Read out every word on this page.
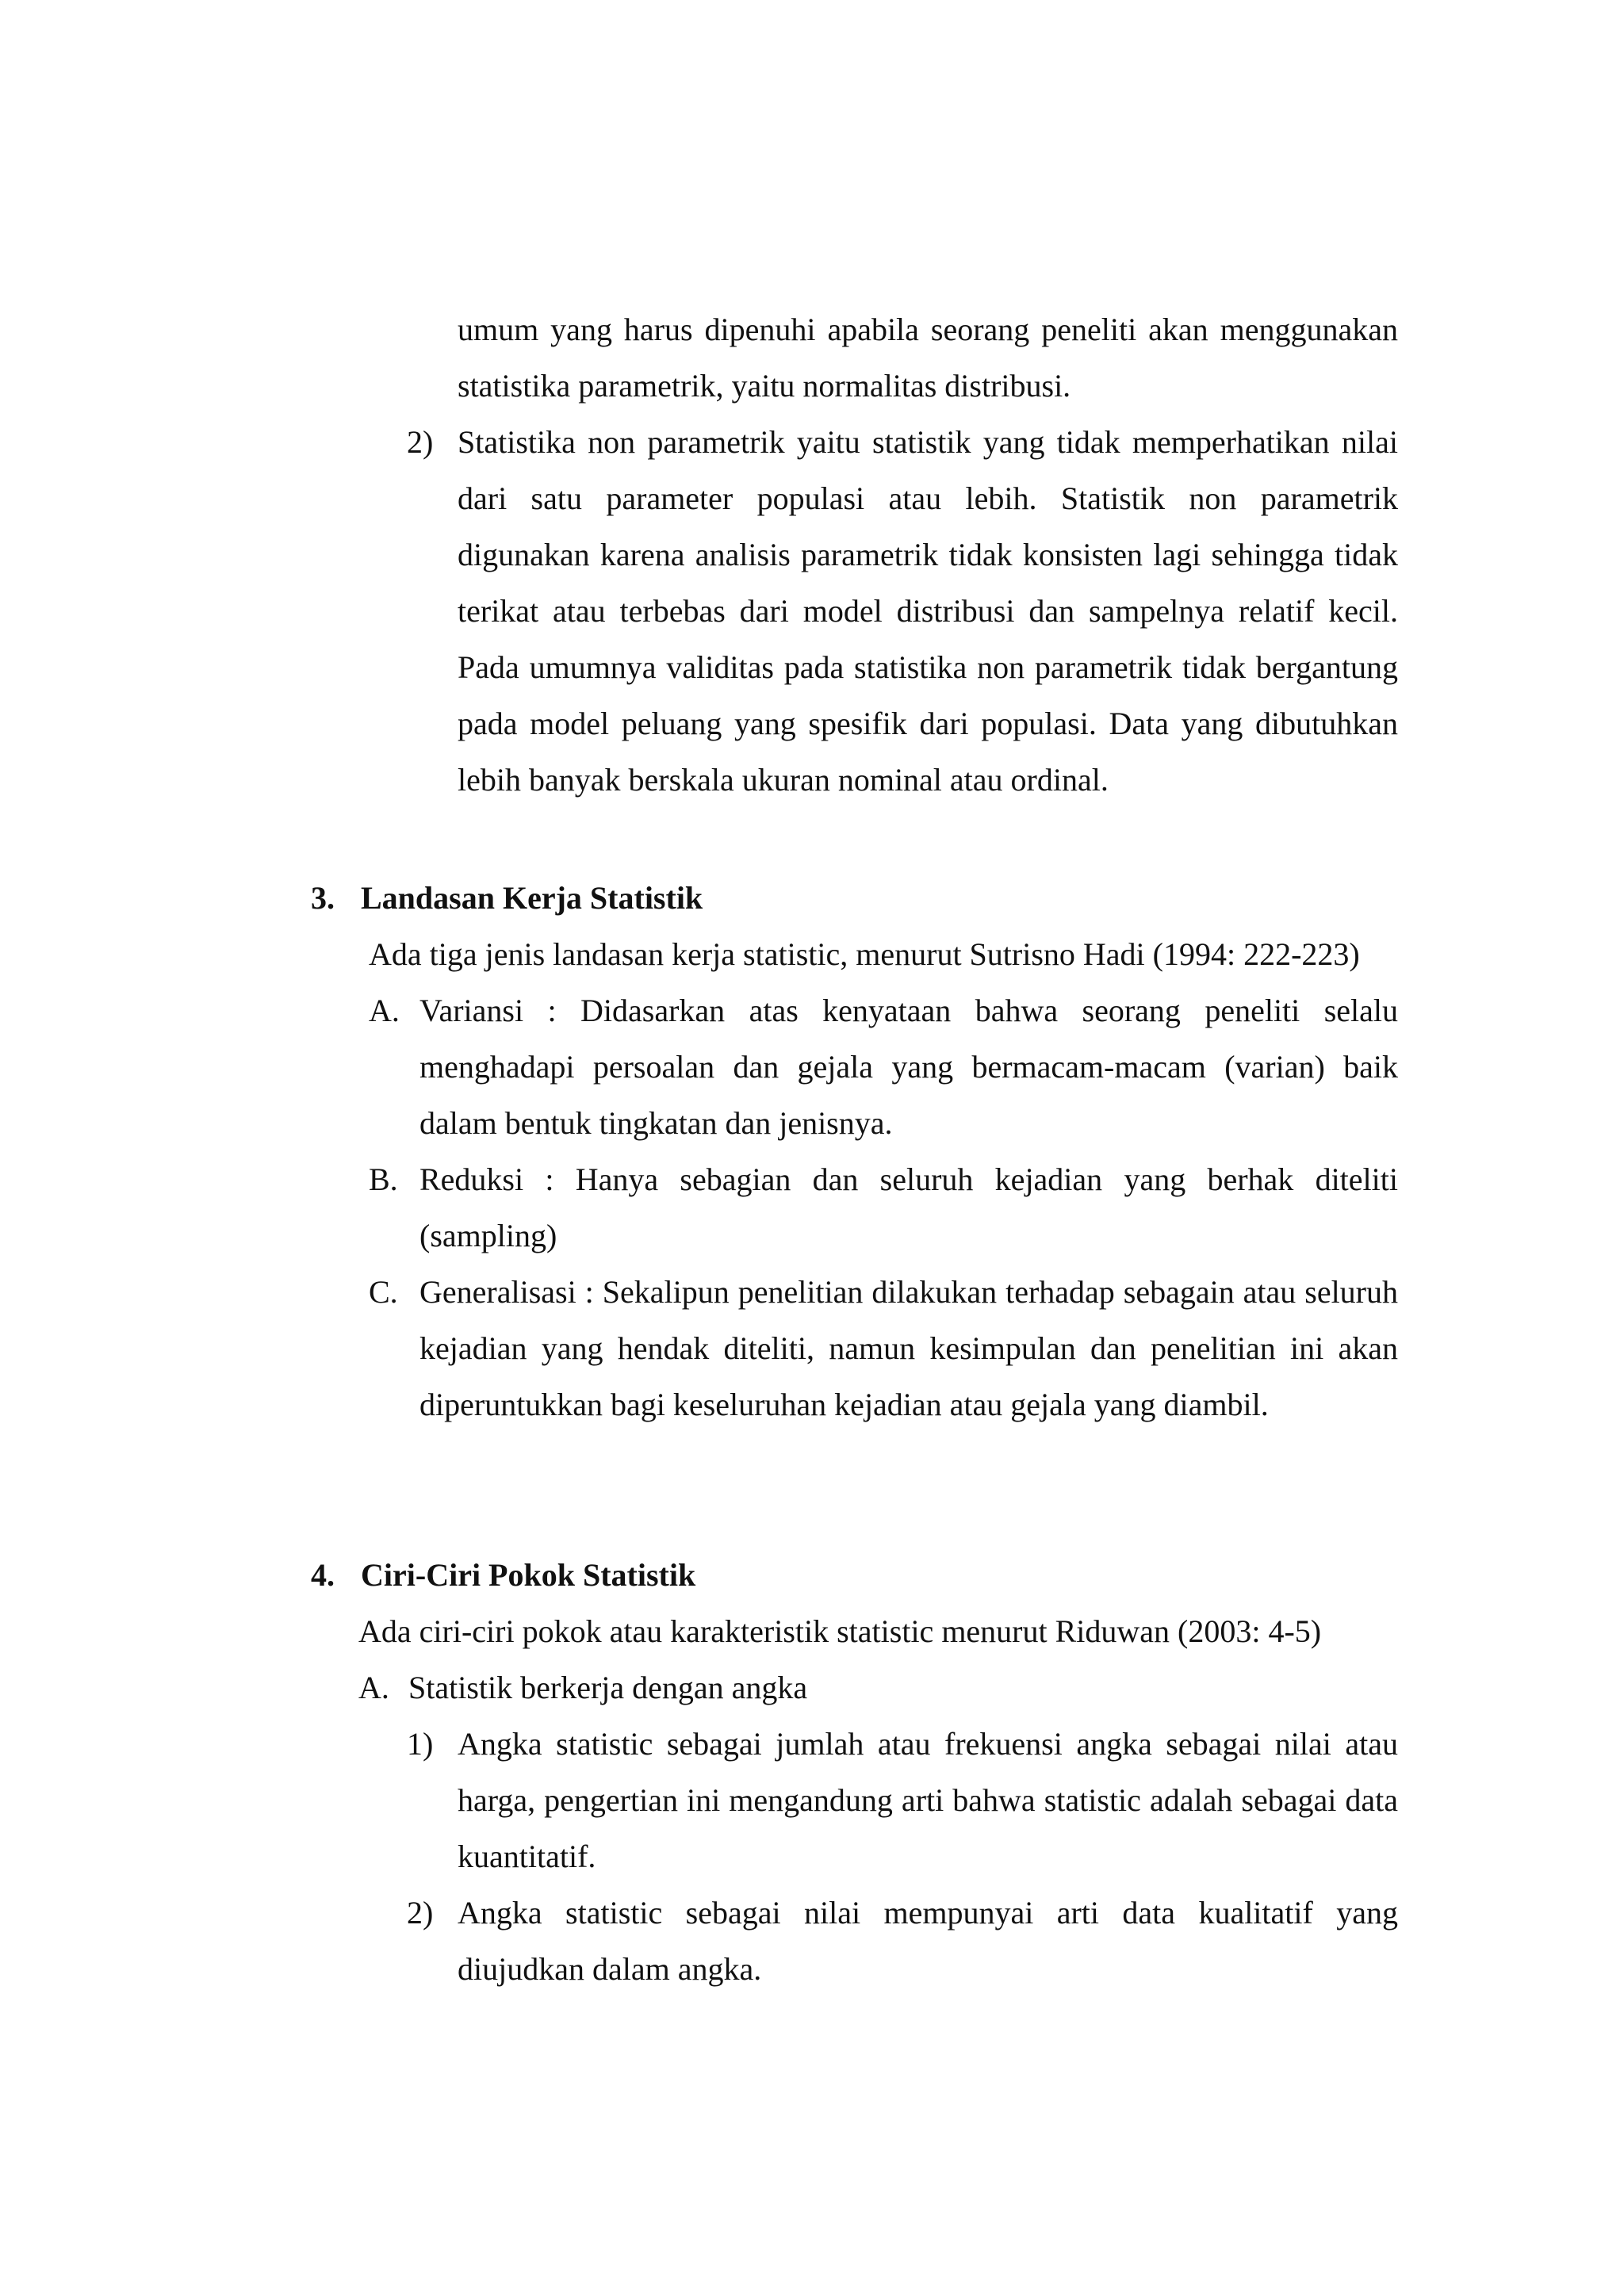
umum yang harus dipenuhi apabila seorang peneliti akan menggunakan statistika parametrik, yaitu normalitas distribusi.
2) Statistika non parametrik yaitu statistik yang tidak memperhatikan nilai dari satu parameter populasi atau lebih. Statistik non parametrik digunakan karena analisis parametrik tidak konsisten lagi sehingga tidak terikat atau terbebas dari model distribusi dan sampelnya relatif kecil. Pada umumnya validitas pada statistika non parametrik tidak bergantung pada model peluang yang spesifik dari populasi. Data yang dibutuhkan lebih banyak berskala ukuran nominal atau ordinal.
3. Landasan Kerja Statistik
Ada tiga jenis landasan kerja statistic, menurut Sutrisno Hadi (1994: 222-223)
A. Variansi : Didasarkan atas kenyataan bahwa seorang peneliti selalu menghadapi persoalan dan gejala yang bermacam-macam (varian) baik dalam bentuk tingkatan dan jenisnya.
B. Reduksi : Hanya sebagian dan seluruh kejadian yang berhak diteliti (sampling)
C. Generalisasi : Sekalipun penelitian dilakukan terhadap sebagain atau seluruh kejadian yang hendak diteliti, namun kesimpulan dan penelitian ini akan diperuntukkan bagi keseluruhan kejadian atau gejala yang diambil.
4. Ciri-Ciri Pokok Statistik
Ada ciri-ciri pokok atau karakteristik statistic menurut Riduwan (2003: 4-5)
A. Statistik berkerja dengan angka
1) Angka statistic sebagai jumlah atau frekuensi angka sebagai nilai atau harga, pengertian ini mengandung arti bahwa statistic adalah sebagai data kuantitatif.
2) Angka statistic sebagai nilai mempunyai arti data kualitatif yang diujudkan dalam angka.
